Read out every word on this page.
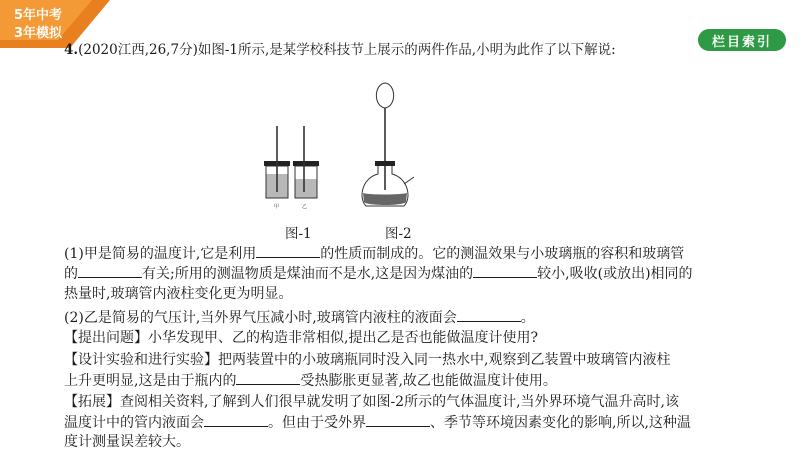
5年中考
3年模拟
栏目索引
4.(2020江西,26,7分)如图-1所示,是某学校科技节上展示的两件作品,小明为此作了以下解说:
甲	乙
图-1	图-2
(1)甲是简易的温度计,它是利用	的性质而制成的。它的测温效果与小玻璃瓶的容积和玻璃管
的	有关;所用的测温物质是煤油而不是水,这是因为煤油的	较小,吸收(或放出)相同的
热量时,玻璃管内液柱变化更为明显。
(2)乙是简易的气压计,当外界气压减小时,玻璃管内液柱的液面会	。
【提出问题】小华发现甲、乙的构造非常相似,提出乙是否也能做温度计使用?
【设计实验和进行实验】把两装置中的小玻璃瓶同时没入同一热水中,观察到乙装置中玻璃管内液柱
上升更明显,这是由于瓶内的	受热膨胀更显著,故乙也能做温度计使用。
【拓展】查阅相关资料,了解到人们很早就发明了如图-2所示的气体温度计,当外界环境气温升高时,该
温度计中的管内液面会	。但由于受外界	、季节等环境因素变化的影响,所以,这种温
度计测量误差较大。
